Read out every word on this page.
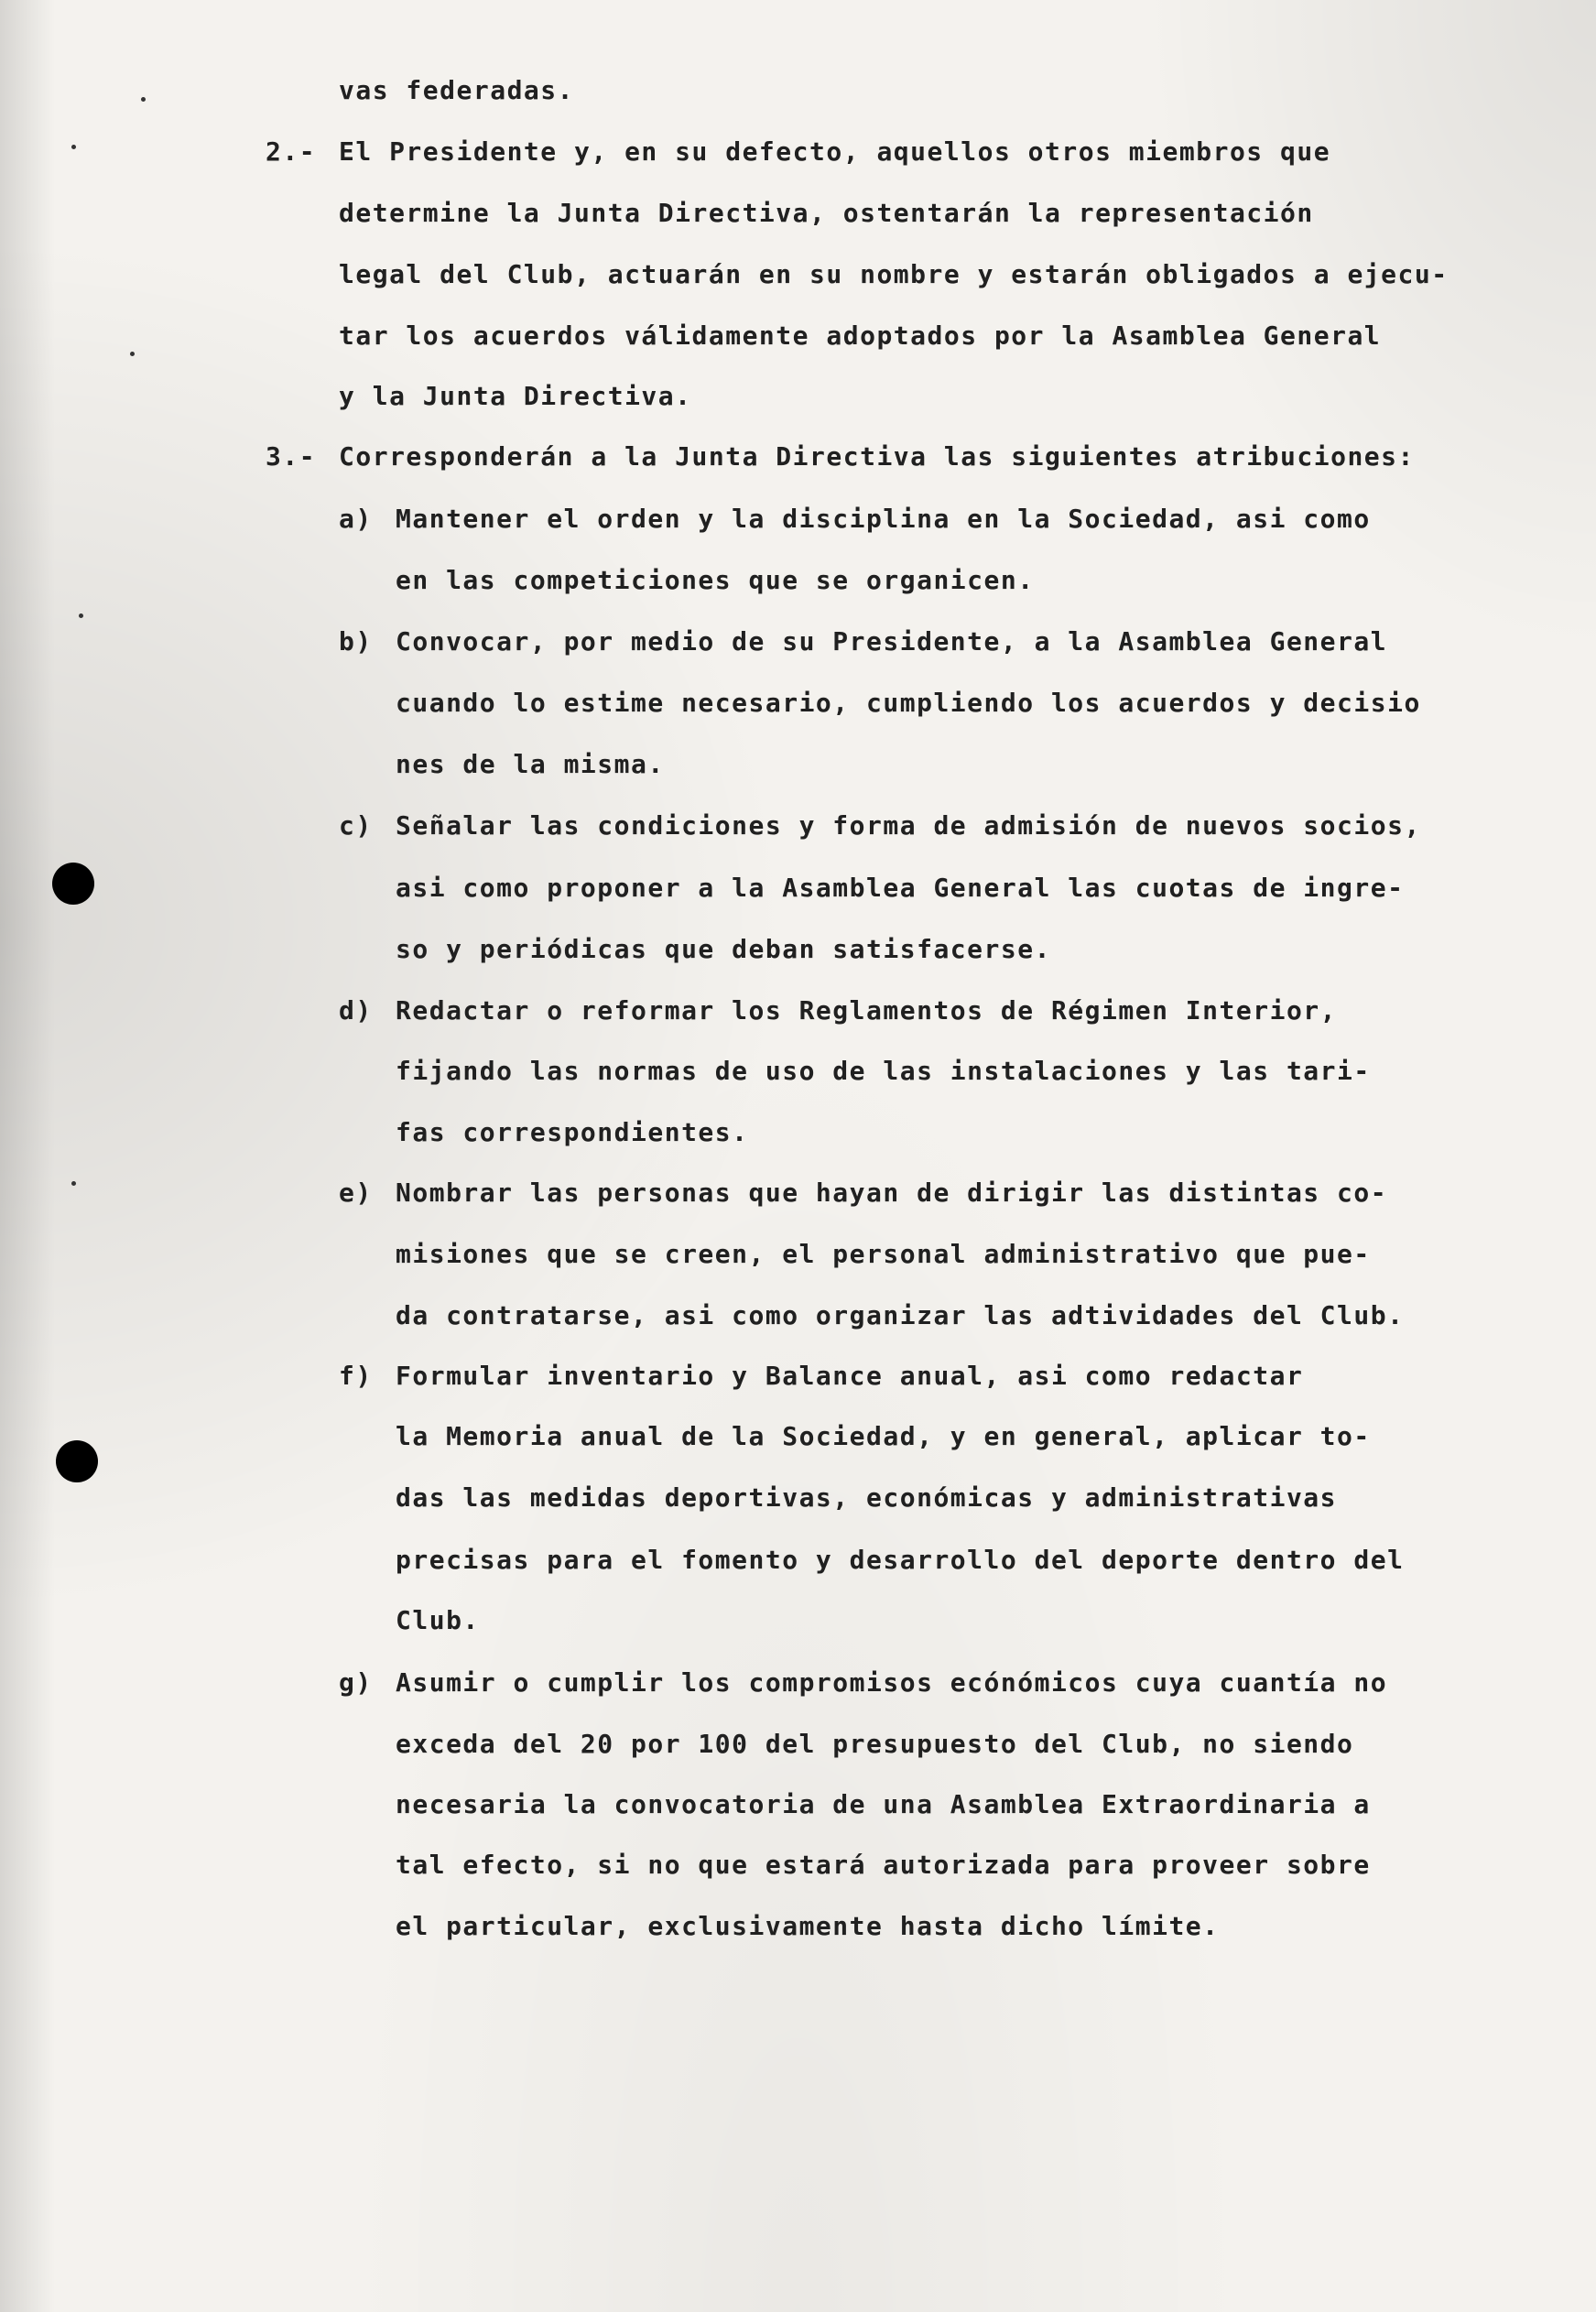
vas federadas.
2.- El Presidente y, en su defecto, aquellos otros miembros que
determine la Junta Directiva, ostentarán la representación
legal del Club, actuarán en su nombre y estarán obligados a ejecu-
tar los acuerdos válidamente adoptados por la Asamblea General
y la Junta Directiva.
3.- Corresponderán a la Junta Directiva las siguientes atribuciones:
a) Mantener el orden y la disciplina en la Sociedad, asi como
en las competiciones que se organicen.
b) Convocar, por medio de su Presidente, a la Asamblea General
cuando lo estime necesario, cumpliendo los acuerdos y decisio
nes de la misma.
c) Señalar las condiciones y forma de admisión de nuevos socios,
asi como proponer a la Asamblea General las cuotas de ingre-
so y periódicas que deban satisfacerse.
d) Redactar o reformar los Reglamentos de Régimen Interior,
fijando las normas de uso de las instalaciones y las tari-
fas correspondientes.
e) Nombrar las personas que hayan de dirigir las distintas co-
misiones que se creen, el personal administrativo que pue-
da contratarse, asi como organizar las adtividades del Club.
f) Formular inventario y Balance anual, asi como redactar
la Memoria anual de la Sociedad, y en general, aplicar to-
das las medidas deportivas, económicas y administrativas
precisas para el fomento y desarrollo del deporte dentro del
Club.
g) Asumir o cumplir los compromisos ecónómicos cuya cuantía no
exceda del 20 por 100 del presupuesto del Club, no siendo
necesaria la convocatoria de una Asamblea Extraordinaria a
tal efecto, si no que estará autorizada para proveer sobre
el particular, exclusivamente hasta dicho límite.
